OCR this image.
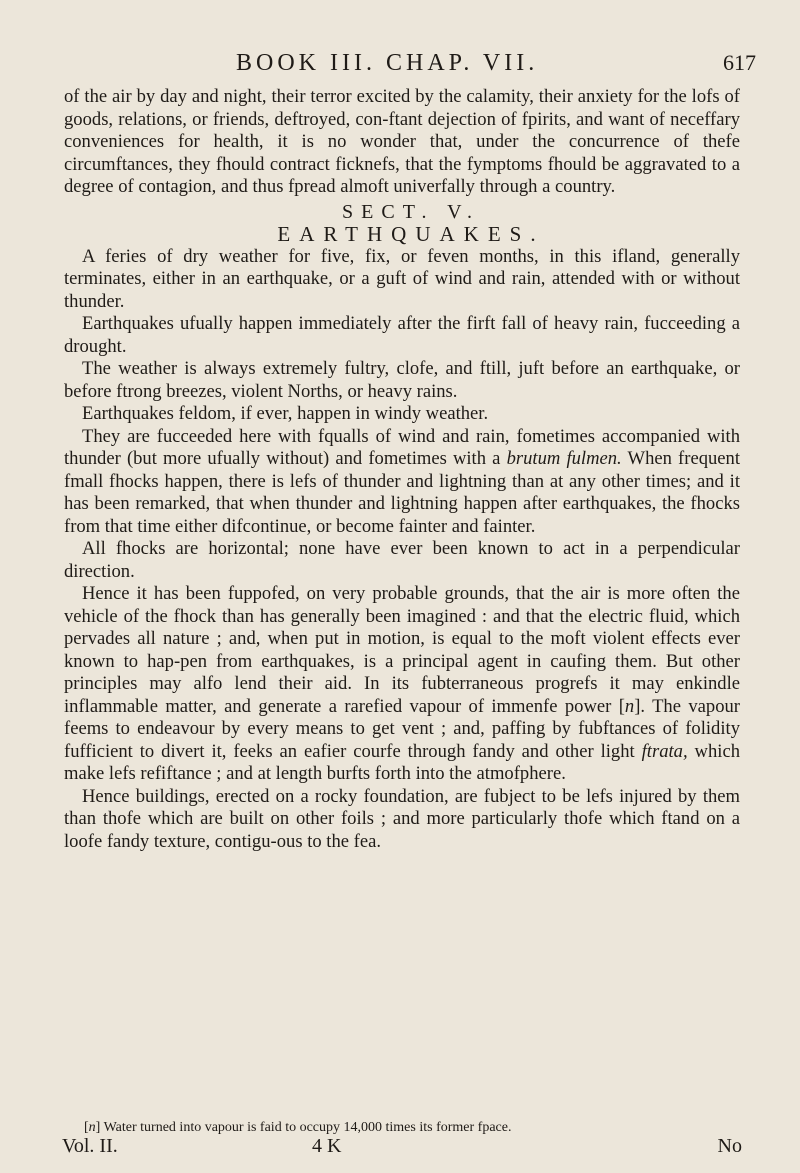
BOOK III. CHAP. VII.	617

of the air by day and night, their terror excited by the calamity, their anxiety for the lofs of goods, relations, or friends, deftroyed, con-ftant dejection of fpirits, and want of neceffary conveniences for health, it is no wonder that, under the concurrence of thefe circumftances, they fhould contract ficknefs, that the fymptoms fhould be aggravated to a degree of contagion, and thus fpread almoft univerfally through a country.

SECT. V.

EARTHQUAKES.

A feries of dry weather for five, fix, or feven months, in this ifland, generally terminates, either in an earthquake, or a guft of wind and rain, attended with or without thunder.

Earthquakes ufually happen immediately after the firft fall of heavy rain, fucceeding a drought.

The weather is always extremely fultry, clofe, and ftill, juft before an earthquake, or before ftrong breezes, violent Norths, or heavy rains.

Earthquakes feldom, if ever, happen in windy weather.

They are fucceeded here with fqualls of wind and rain, fometimes accompanied with thunder (but more ufually without) and fometimes with a brutum fulmen. When frequent fmall fhocks happen, there is lefs of thunder and lightning than at any other times; and it has been remarked, that when thunder and lightning happen after earthquakes, the fhocks from that time either difcontinue, or become fainter and fainter.

All fhocks are horizontal; none have ever been known to act in a perpendicular direction.

Hence it has been fuppofed, on very probable grounds, that the air is more often the vehicle of the fhock than has generally been imagined : and that the electric fluid, which pervades all nature ; and, when put in motion, is equal to the moft violent effects ever known to hap-pen from earthquakes, is a principal agent in caufing them. But other principles may alfo lend their aid. In its fubterraneous progrefs it may enkindle inflammable matter, and generate a rarefied vapour of immenfe power [n]. The vapour feems to endeavour by every means to get vent ; and, paffing by fubftances of folidity fufficient to divert it, feeks an eafier courfe through fandy and other light ftrata, which make lefs refiftance ; and at length burfts forth into the atmofphere.

Hence buildings, erected on a rocky foundation, are fubject to be lefs injured by them than thofe which are built on other foils ; and more particularly thofe which ftand on a loofe fandy texture, contigu-ous to the fea.

[n] Water turned into vapour is faid to occupy 14,000 times its former fpace.
Vol. II.	4 K	No
